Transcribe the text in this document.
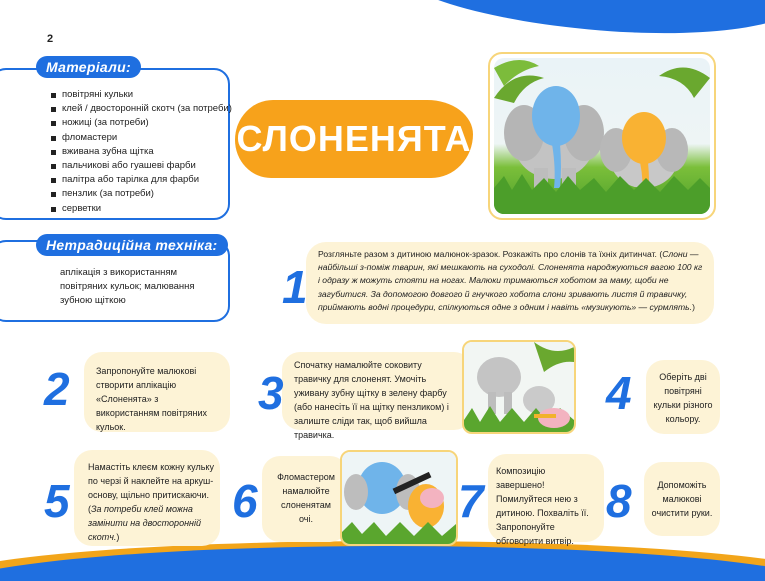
2
Матеріали:
повітряні кульки
клей / двосторонній скотч (за потреби)
ножиці (за потреби)
фломастери
вживана зубна щітка
пальчикові або гуашеві фарби
палітра або тарілка для фарби
пензлик (за потреби)
серветки
Нетрадиційна техніка:
аплікація з використанням повітряних кульок; малювання зубною щіткою
СЛОНЕНЯТА
1
Розгляньте разом з дитиною малюнок-зразок. Розкажіть про слонів та їхніх дитинчат. (Слони — найбільші з-поміж тварин, які мешкають на суходолі. Слоненята народжуються вагою 100 кг і одразу ж можуть стояти на ногах. Малюки тримаються хоботом за маму, щоби не загубитися. За допомогою довгого й гнучкого хобота слони зривають листя й травичку, приймають водні процедури, спілкуються одне з одним і навіть «музикують» — сурмлять.)
2	Запропонуйте малюкові створити аплікацію «Слоненята» з використанням повітряних кульок.
3
Спочатку намалюйте соковиту травичку для слоненят. Умочіть уживану зубну щітку в зелену фарбу (або нанесіть її на щітку пензликом) і залиште сліди так, щоб вийшла травичка.
4	Оберіть дві повітряні кульки різного кольору.
5
Намастіть клеєм кожну кульку по черзі й наклейте на аркуш-основу, щільно притискаючи. (За потреби клей можна замінити на двосторонній скотч.)
6	Фломастером намалюйте слоненятам очі.	7
Композицію завершено! Помилуйтеся нею з дитиною. Похваліть її. Запропонуйте обговорити витвір.
8	Допоможіть малюкові очистити руки.
